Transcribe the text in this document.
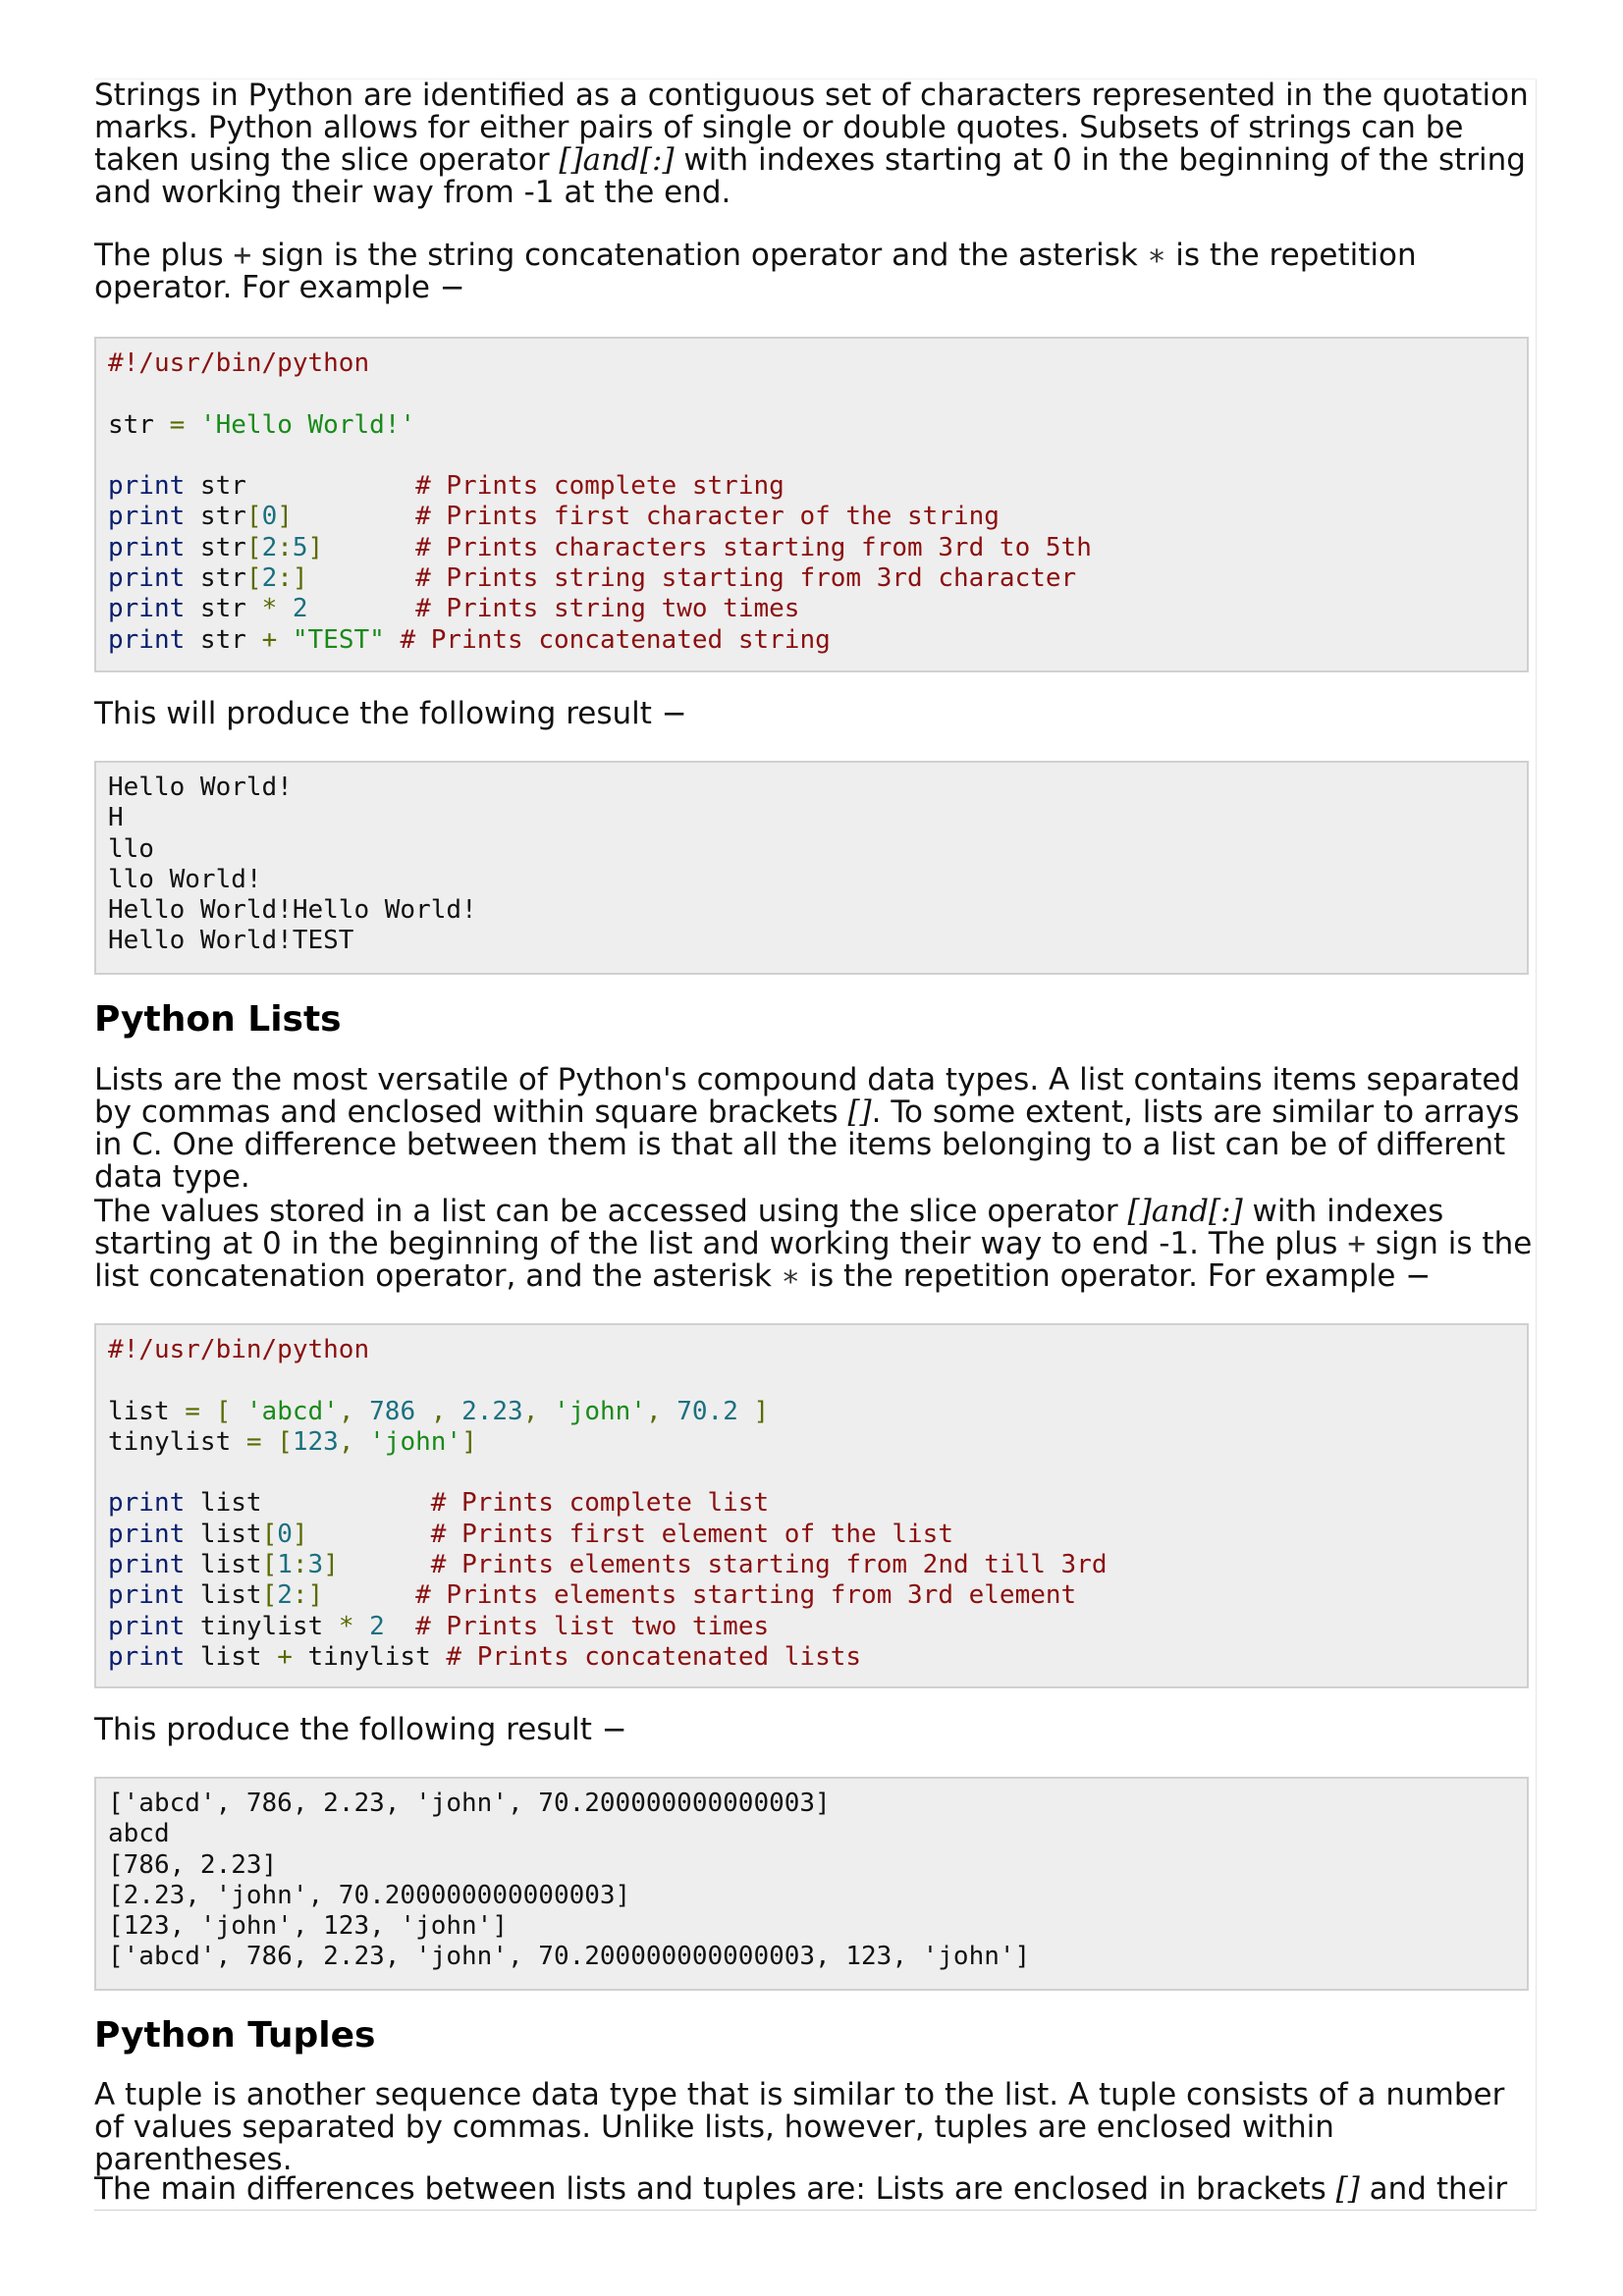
Strings in Python are identified as a contiguous set of characters represented in the quotation marks. Python allows for either pairs of single or double quotes. Subsets of strings can be taken using the slice operator []and[:] with indexes starting at 0 in the beginning of the string and working their way from -1 at the end.

The plus + sign is the string concatenation operator and the asterisk ∗ is the repetition operator. For example −

#!/usr/bin/python

str = 'Hello World!'

print str           # Prints complete string
print str[0]	# Prints first character of the string
print str[2:5]	# Prints characters starting from 3rd to 5th
print str[2:]	# Prints string starting from 3rd character
print str * 2	# Prints string two times
print str + "TEST" # Prints concatenated string

This will produce the following result −

Hello World!
H
llo
llo World!
Hello World!Hello World!
Hello World!TEST
Python Lists

Lists are the most versatile of Python's compound data types. A list contains items separated by commas and enclosed within square brackets []. To some extent, lists are similar to arrays in C. One difference between them is that all the items belonging to a list can be of different data type.

The values stored in a list can be accessed using the slice operator []and[:] with indexes starting at 0 in the beginning of the list and working their way to end -1. The plus + sign is the list concatenation operator, and the asterisk ∗ is the repetition operator. For example −

#!/usr/bin/python

list = [ 'abcd', 786 , 2.23, 'john', 70.2 ]
tinylist = [123, 'john']

print list           # Prints complete list
print list[0]	# Prints first element of the list
print list[1:3]	# Prints elements starting from 2nd till 3rd
print list[2:]	# Prints elements starting from 3rd element
print tinylist * 2 # Prints list two times
print list + tinylist # Prints concatenated lists

This produce the following result −

['abcd', 786, 2.23, 'john', 70.200000000000003]
abcd
[786, 2.23]
[2.23, 'john', 70.200000000000003]
[123, 'john', 123, 'john']
['abcd', 786, 2.23, 'john', 70.200000000000003, 123, 'john']
Python Tuples

A tuple is another sequence data type that is similar to the list. A tuple consists of a number of values separated by commas. Unlike lists, however, tuples are enclosed within parentheses.

The main differences between lists and tuples are: Lists are enclosed in brackets [] and their
